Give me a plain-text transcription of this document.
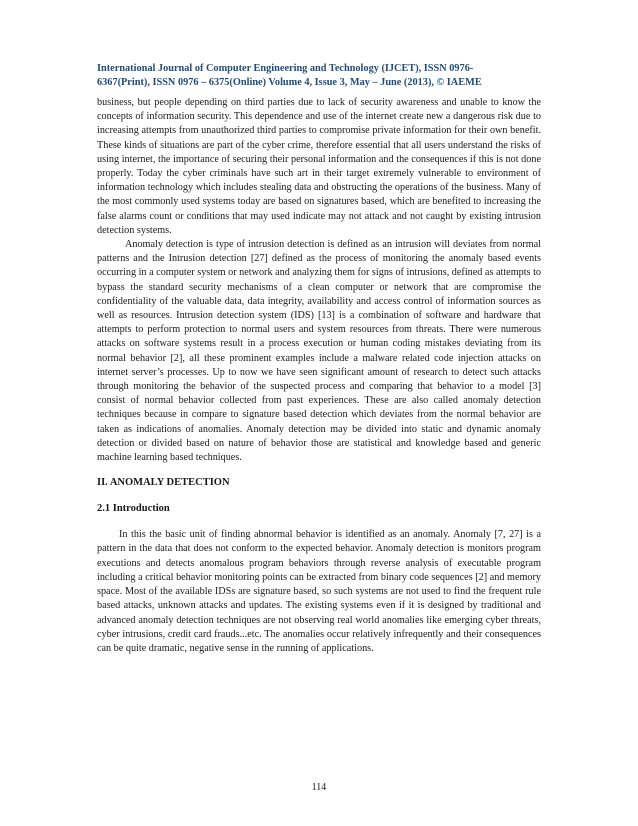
International Journal of Computer Engineering and Technology (IJCET), ISSN 0976-
6367(Print), ISSN 0976 – 6375(Online) Volume 4, Issue 3, May – June (2013), © IAEME

business, but people depending on third parties due to lack of security awareness and unable to know the concepts of information security. This dependence and use of the internet create new a dangerous risk due to increasing attempts from unauthorized third parties to compromise private information for their own benefit. These kinds of situations are part of the cyber crime, therefore essential that all users understand the risks of using internet, the importance of securing their personal information and the consequences if this is not done properly. Today the cyber criminals have such art in their target extremely vulnerable to environment of information technology which includes stealing data and obstructing the operations of the business. Many of the most commonly used systems today are based on signatures based, which are benefited to increasing the false alarms count or conditions that may used indicate may not attack and not caught by existing intrusion detection systems.

Anomaly detection is type of intrusion detection is defined as an intrusion will deviates from normal patterns and the Intrusion detection [27] defined as the process of monitoring the anomaly based events occurring in a computer system or network and analyzing them for signs of intrusions, defined as attempts to bypass the standard security mechanisms of a clean computer or network that are compromise the confidentiality of the valuable data, data integrity, availability and access control of information sources as well as resources. Intrusion detection system (IDS) [13] is a combination of software and hardware that attempts to perform protection to normal users and system resources from threats. There were numerous attacks on software systems result in a process execution or human coding mistakes deviating from its normal behavior [2], all these prominent examples include a malware related code injection attacks on internet server’s processes. Up to now we have seen significant amount of research to detect such attacks through monitoring the behavior of the suspected process and comparing that behavior to a model [3] consist of normal behavior collected from past experiences. These are also called anomaly detection techniques because in compare to signature based detection which deviates from the normal behavior are taken as indications of anomalies. Anomaly detection may be divided into static and dynamic anomaly detection or divided based on nature of behavior those are statistical and knowledge based and generic machine learning based techniques.

II. ANOMALY DETECTION
2.1 Introduction

In this the basic unit of finding abnormal behavior is identified as an anomaly. Anomaly [7, 27] is a pattern in the data that does not conform to the expected behavior. Anomaly detection is monitors program executions and detects anomalous program behaviors through reverse analysis of executable program including a critical behavior monitoring points can be extracted from binary code sequences [2] and memory space. Most of the available IDSs are signature based, so such systems are not used to find the frequent rule based attacks, unknown attacks and updates. The existing systems even if it is designed by traditional and advanced anomaly detection techniques are not observing real world anomalies like emerging cyber threats, cyber intrusions, credit card frauds...etc. The anomalies occur relatively infrequently and their consequences can be quite dramatic, negative sense in the running of applications.

114
